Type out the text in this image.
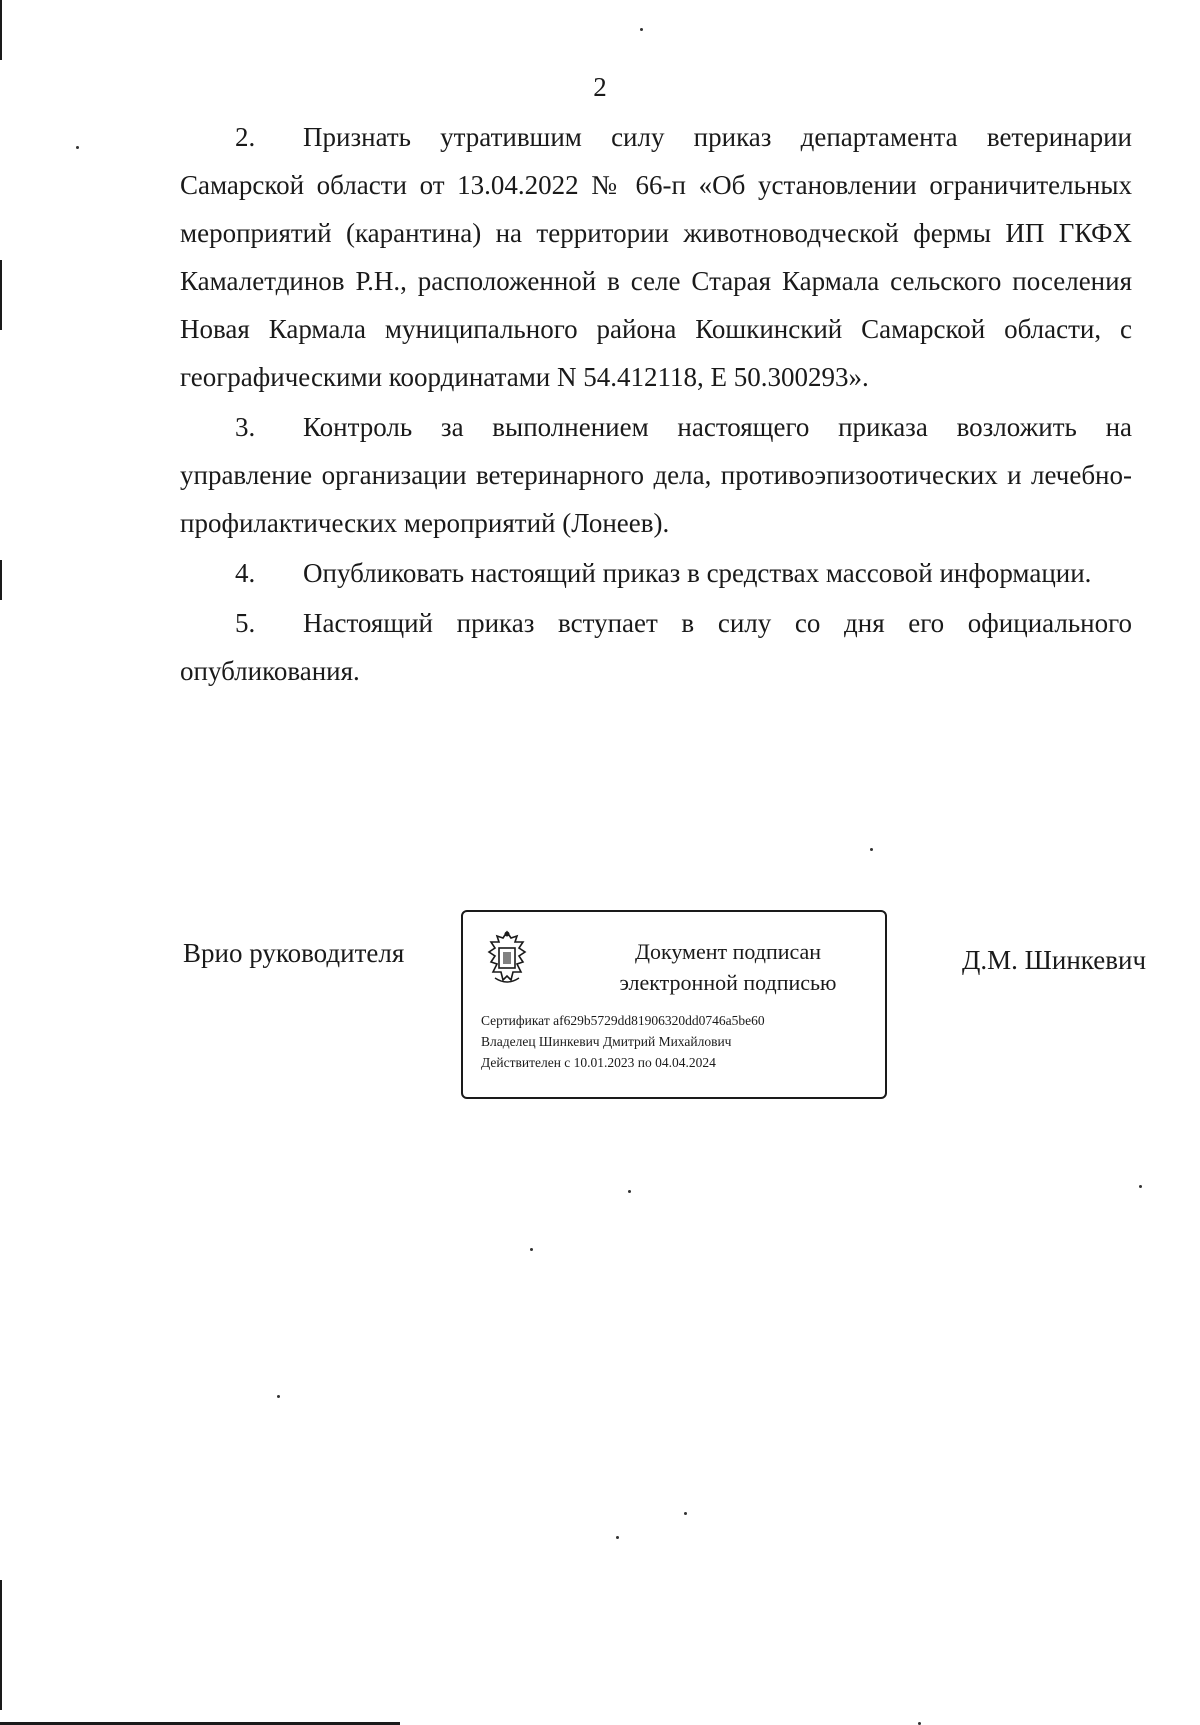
2

2. Признать утратившим силу приказ департамента ветеринарии Самарской области от 13.04.2022 № 66-п «Об установлении ограничительных мероприятий (карантина) на территории животноводческой фермы ИП ГКФХ Камалетдинов Р.Н., расположенной в селе Старая Кармала сельского поселения Новая Кармала муниципального района Кошкинский Самарской области, с географическими координатами N 54.412118, E 50.300293».

3. Контроль за выполнением настоящего приказа возложить на управление организации ветеринарного дела, противоэпизоотических и лечебно-профилактических мероприятий (Лонеев).

4. Опубликовать настоящий приказ в средствах массовой информации.

5. Настоящий приказ вступает в силу со дня его официального опубликования.

Врио руководителя	Документ подписан
электронной подписью
Сертификат af629b5729dd81906320dd0746a5be60
Владелец Шинкевич Дмитрий Михайлович
Действителен с 10.01.2023 по 04.04.2024
Д.М. Шинкевич
